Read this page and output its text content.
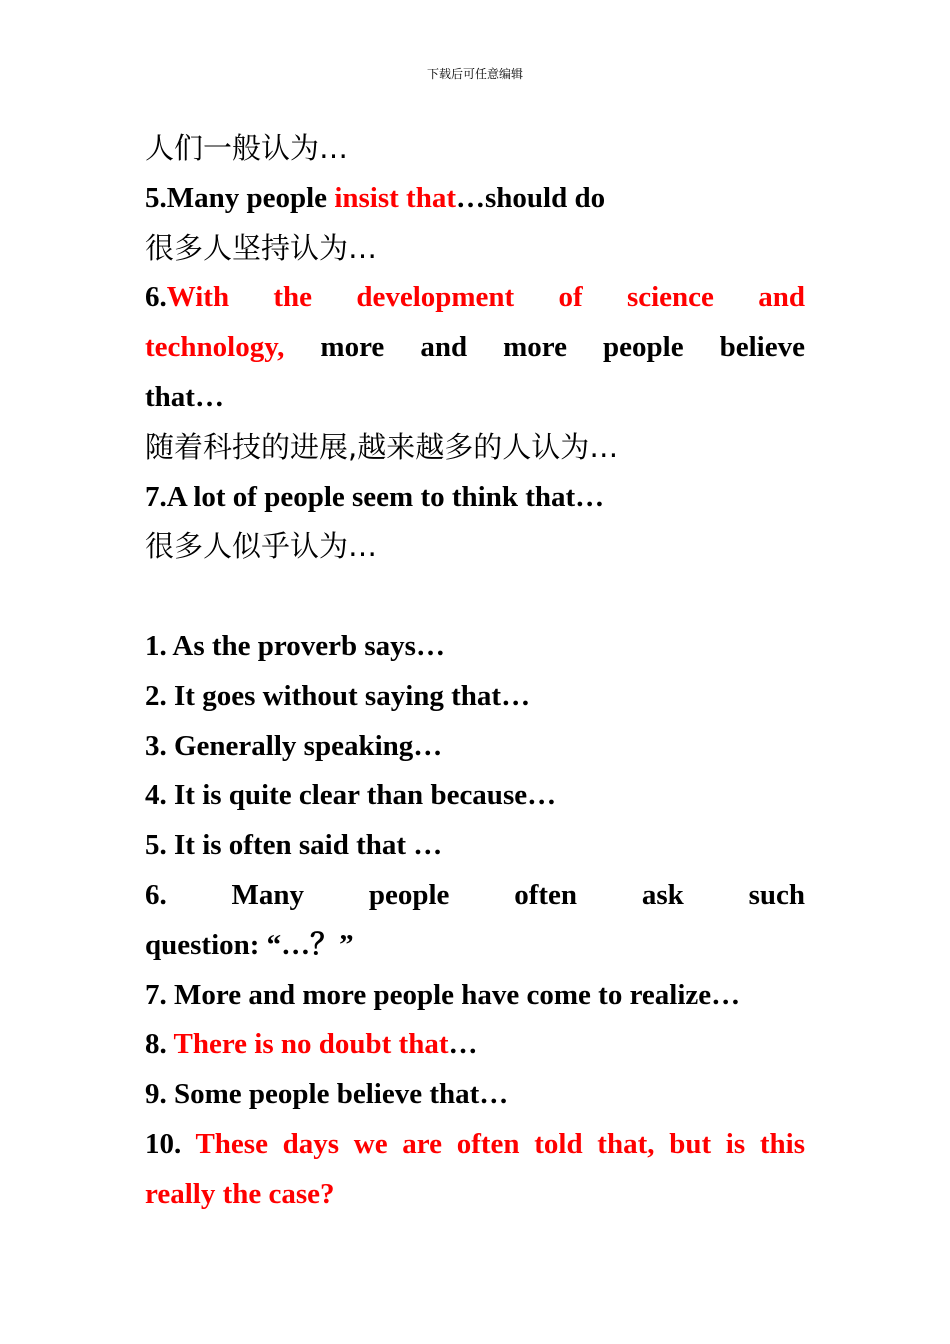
下载后可任意编辑
人们一般认为…
5.Many people insist that…should do
很多人坚持认为…
6.With the development of science and
technology, more and more people believe
that…
随着科技的进展,越来越多的人认为…
7.A lot of people seem to think that…
很多人似乎认为…
1. As the proverb says…
2. It goes without saying that…
3. Generally speaking…
4. It is quite clear than because…
5. It is often said that …
6. Many people often ask such
question: “…？”
7. More and more people have come to realize…
8. There is no doubt that…
9. Some people believe that…
10. These days we are often told that, but is this
really the case?
